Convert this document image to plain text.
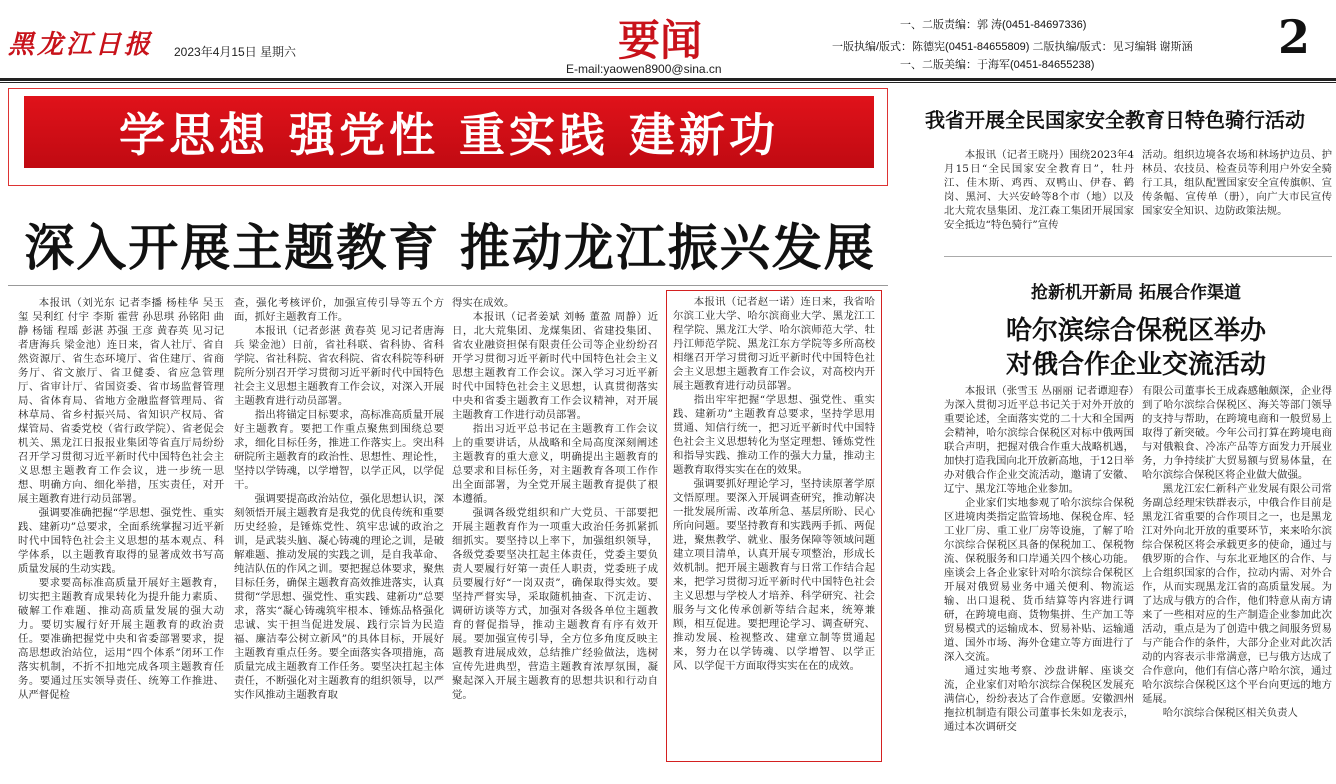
黑龙江日报 2023年4月15日 星期六	要闻
E-mail:yaowen8900@sina.cn
一、二版责编：郭 涛(0451-84697336)
一版执编/版式：陈德宪(0451-84655809) 二版执编/版式：见习编辑 谢斯涵
一、二版美编：于海军(0451-84655238)
2
学思想 强党性 重实践 建新功
深入开展主题教育 推动龙江振兴发展

本报讯（刘光东 记者李播 杨桂华 吴玉玺 吴利红 付宇 李斯 霍营 孙思琪 孙铭阳 曲静 杨镭 程瑶 彭湛 苏强 王彦 黄春英 见习记者唐海兵 梁金池）连日来，省人社厅、省自然资源厅、省生态环境厅、省住建厅、省商务厅、省文旅厅、省卫健委、省应急管理厅、省审计厅、省国资委、省市场监督管理局、省体育局、省地方金融监督管理局、省林草局、省乡村振兴局、省知识产权局、省煤管局、省委党校（省行政学院）、省老促会机关、黑龙江日报报业集团等省直厅局纷纷召开学习贯彻习近平新时代中国特色社会主义思想主题教育工作会议，进一步统一思想、明确方向、细化举措，压实责任，对开展主题教育进行动员部署。

强调要准确把握“学思想、强党性、重实践、建新功”总要求，全面系统掌握习近平新时代中国特色社会主义思想的基本观点、科学体系，以主题教育取得的显著成效书写高质量发展的生动实践。

要求要高标准高质量开展好主题教育，切实把主题教育成果转化为提升能力素质、破解工作难题、推动高质量发展的强大动力。要切实履行好开展主题教育的政治责任。要准确把握党中央和省委部署要求，提高思想政治站位，运用“四个体系”闭环工作落实机制，不折不扣地完成各项主题教育任务。要通过压实领导责任、统筹工作推进、从严督促检

查，强化考核评价，加强宣传引导等五个方面，抓好主题教育工作。

本报讯（记者彭湛 黄春英 见习记者唐海兵 梁金池）日前，省社科联、省科协、省科学院、省社科院、省农科院、省农科院等科研院所分别召开学习贯彻习近平新时代中国特色社会主义思想主题教育工作会议，对深入开展主题教育进行动员部署。

指出将锚定目标要求，高标准高质量开展好主题教育。要把工作重点聚焦到围绕总要求，细化目标任务，推进工作落实上。突出科研院所主题教育的政治性、思想性、理论性，坚持以学铸魂，以学增智，以学正风，以学促干。

强调要提高政治站位，强化思想认识，深刻领悟开展主题教育是我党的优良传统和重要历史经验，是锤炼党性、筑牢忠诚的政治之训，是武装头脑、凝心铸魂的理论之训，是破解难题、推动发展的实践之训，是自我革命、纯洁队伍的作风之训。要把握总体要求，聚焦目标任务，确保主题教育高效推进落实，认真贯彻“学思想、强党性、重实践、建新功”总要求，落实“凝心铸魂筑牢根本、锤炼品格强化忠诚、实干担当促进发展、践行宗旨为民造福、廉洁奉公树立新风”的具体目标，开展好主题教育重点任务。要全面落实各项措施，高质量完成主题教育工作任务。要坚决扛起主体责任，不断强化对主题教育的组织领导，以严实作风推动主题教育取

得实在成效。

本报讯（记者姜斌 刘畅 董盈 周静）近日，北大荒集团、龙煤集团、省建投集团、省农业融资担保有限责任公司等企业纷纷召开学习贯彻习近平新时代中国特色社会主义思想主题教育工作会议。深入学习习近平新时代中国特色社会主义思想，认真贯彻落实中央和省委主题教育工作会议精神，对开展主题教育工作进行动员部署。

指出习近平总书记在主题教育工作会议上的重要讲话，从战略和全局高度深刻阐述主题教育的重大意义，明确提出主题教育的总要求和目标任务，对主题教育各项工作作出全面部署，为全党开展主题教育提供了根本遵循。

强调各级党组织和广大党员、干部要把开展主题教育作为一项重大政治任务抓紧抓细抓实。要坚持以上率下，加强组织领导，各级党委要坚决扛起主体责任，党委主要负责人要履行好第一责任人职责，党委班子成员要履行好“一岗双责”，确保取得实效。要坚持严督实导，采取随机抽查、下沉走访、调研访谈等方式，加强对各级各单位主题教育的督促指导，推动主题教育有序有效开展。要加强宣传引导，全方位多角度反映主题教育进展成效，总结推广经验做法，选树宣传先进典型，营造主题教育浓厚氛围，凝聚起深入开展主题教育的思想共识和行动自觉。

本报讯（记者赵一诺）连日来，我省哈尔滨工业大学、哈尔滨商业大学、黑龙江工程学院、黑龙江大学、哈尔滨师范大学、牡丹江师范学院、黑龙江东方学院等多所高校相继召开学习贯彻习近平新时代中国特色社会主义思想主题教育工作会议，对高校内开展主题教育进行动员部署。

指出牢牢把握“学思想、强党性、重实践、建新功”主题教育总要求，坚持学思用贯通、知信行统一，把习近平新时代中国特色社会主义思想转化为坚定理想、锤炼党性和指导实践、推动工作的强大力量，推动主题教育取得实实在在的效果。

强调要抓好理论学习，坚持读原著学原文悟原理。要深入开展调查研究，推动解决一批发展所需、改革所急、基层所盼、民心所向问题。要坚持教育和实践两手抓、两促进，聚焦教学、就业、服务保障等领域问题建立项目清单，认真开展专项整治，形成长效机制。把开展主题教育与日常工作结合起来，把学习贯彻习近平新时代中国特色社会主义思想与学校人才培养、科学研究、社会服务与文化传承创新等结合起来，统筹兼顾，相互促进。要把理论学习、调查研究、推动发展、检视整改、建章立制等贯通起来，努力在以学铸魂、以学增智、以学正风、以学促干方面取得实实在在的成效。

我省开展全民国家安全教育日特色骑行活动

本报讯（记者王晓丹）围绕2023年4月15日“全民国家安全教育日”，牡丹江、佳木斯、鸡西、双鸭山、伊春、鹤岗、黑河、大兴安岭等8个市（地）以及北大荒农垦集团、龙江森工集团开展国家安全抵边“特色骑行”宣传

活动。组织边境各农场和林场护边员、护林员、农技员、检查员等利用户外安全骑行工具，组队配置国家安全宣传旗帜、宣传条幅、宣传单（册），向广大市民宣传国家安全知识、边防政策法规。

抢新机开新局 拓展合作渠道
哈尔滨综合保税区举办
对俄合作企业交流活动

本报讯（张雪玉 丛丽丽 记者谭迎春）为深入贯彻习近平总书记关于对外开放的重要论述，全面落实党的二十大和全国两会精神，哈尔滨综合保税区对标中俄两国联合声明，把握对俄合作重大战略机遇，加快打造我国向北开放新高地，于12日举办对俄合作企业交流活动，邀请了安徽、辽宁、黑龙江等地企业参加。

企业家们实地参观了哈尔滨综合保税区进境肉类指定监管场地、保税仓库、轻工业厂房、重工业厂房等设施，了解了哈尔滨综合保税区具备的保税加工、保税物流、保税服务和口岸通关四个核心功能。座谈会上各企业家针对哈尔滨综合保税区开展对俄贸易业务中通关便利、物流运输、出口退税、货币结算等内容进行调研，在跨境电商、货物集拼、生产加工等贸易模式的运输成本、贸易补贴、运输通道、国外市场、海外仓建立等方面进行了深入交流。

通过实地考察、沙盘讲解、座谈交流，企业家们对哈尔滨综合保税区发展充满信心，纷纷表达了合作意愿。安徽泗州拖拉机制造有限公司董事长朱如龙表示，通过本次调研交

有限公司董事长王成森感触颇深，企业得到了哈尔滨综合保税区、海关等部门领导的支持与帮助，在跨境电商和一般贸易上取得了新突破。今年公司打算在跨境电商与对俄粮食、冷冻产品等方面发力开展业务，力争持续扩大贸易额与贸易体量，在哈尔滨综合保税区将企业做大做强。

黑龙江宏仁新科产业发展有限公司常务副总经理宋铁群表示，中俄合作目前是黑龙江省重要的合作项目之一，也是黑龙江对外向北开放的重要环节，来来哈尔滨综合保税区将会承载更多的使命，通过与俄罗斯的合作、与东北亚地区的合作、与上合组织国家的合作，拉动内需、对外合作，从而实现黑龙江省的高质量发展。为了达成与俄方的合作，他们特意从南方请来了一些相对应的生产制造企业参加此次活动，重点是为了创造中俄之间服务贸易与产能合作的条件，大部分企业对此次活动的内容表示非常满意，已与俄方达成了合作意向，他们有信心落户哈尔滨，通过哈尔滨综合保税区这个平台向更远的地方延展。

哈尔滨综合保税区相关负责人
